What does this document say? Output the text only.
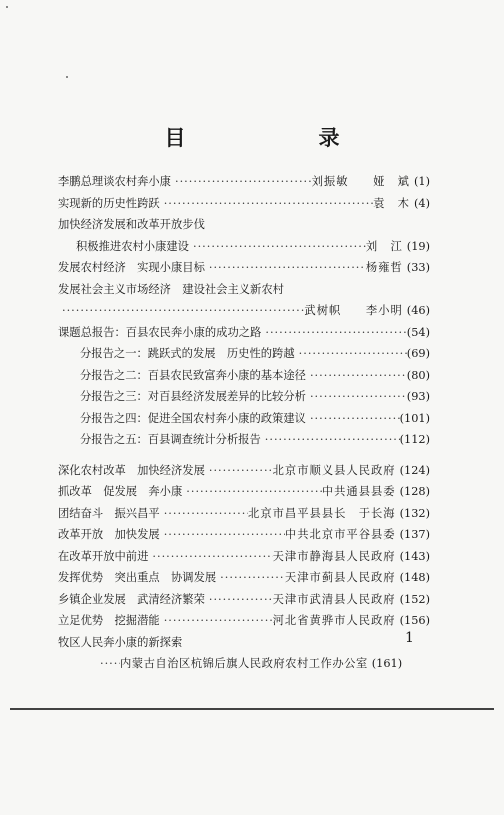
目　录
李鹏总理谈农村奔小康 ·····	刘振敏　　娅　斌 (1)
实现新的历史性跨跃 ·····	袁　木 (4)
加快经济发展和改革开放步伐
积极推进农村小康建设 ·····	刘　江 (19)
发展农村经济　实现小康目标 ·····	杨雍哲 (33)
发展社会主义市场经济　建设社会主义新农村
·····
武树帜　　李小明 (46)
课题总报告：百县农民奔小康的成功之路 ·····	(54)
分报告之一：跳跃式的发展　历史性的跨越 ·····	(69)
分报告之二：百县农民致富奔小康的基本途径 ·····	(80)
分报告之三：对百县经济发展差异的比较分析 ·····	(93)
分报告之四：促进全国农村奔小康的政策建议 ·····	(101)
分报告之五：百县调查统计分析报告 ·····	(112)
深化农村改革　加快经济发展 ·····	北京市顺义县人民政府 (124)
抓改革　促发展　奔小康 ·····	中共通县县委 (128)
团结奋斗　振兴昌平 ·····	北京市昌平县县长　于长海 (132)
改革开放　加快发展 ·····	中共北京市平谷县委 (137)
在改革开放中前进 ·····	天津市静海县人民政府 (143)
发挥优势　突出重点　协调发展 ·····	天津市蓟县人民政府 (148)
乡镇企业发展　武清经济繁荣 ·····	天津市武清县人民政府 (152)
立足优势　挖掘潜能 ·····	河北省黄骅市人民政府 (156)
牧区人民奔小康的新探索
·····
内蒙古自治区杭锦后旗人民政府农村工作办公室 (161)
1
